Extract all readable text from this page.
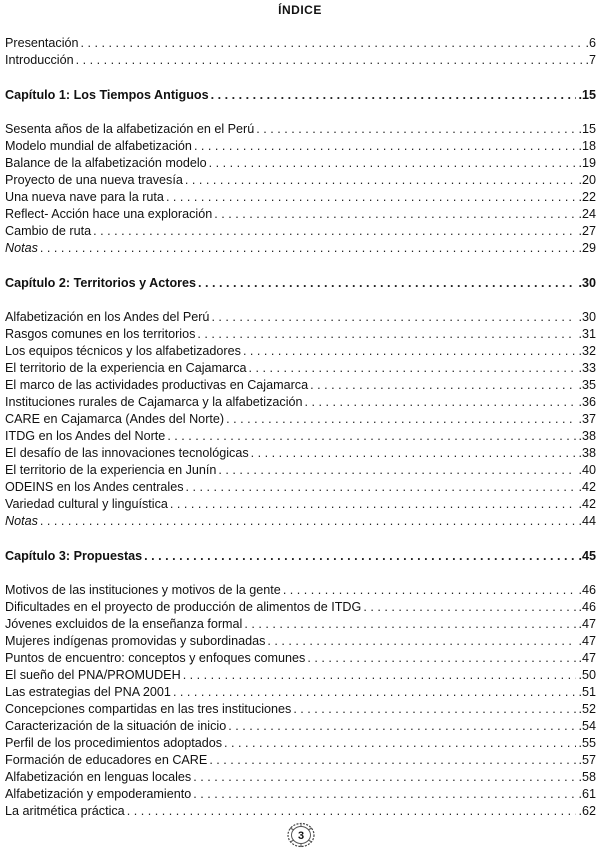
ÍNDICE
Presentación . . .	.6
Introducción . . .	.7
Capítulo 1: Los Tiempos Antiguos . . .	.15
Sesenta años de la alfabetización en el Perú . . .	.15
Modelo mundial de alfabetización . . .	.18
Balance de la alfabetización modelo . . .	.19
Proyecto de una nueva travesía . . .	.20
Una nueva nave para la ruta . . .	.22
Reflect- Acción hace una exploración . . .	.24
Cambio de ruta . . .	.27
Notas . . .	.29
Capítulo 2: Territorios y Actores . . .	.30
Alfabetización en los Andes del Perú . . .	.30
Rasgos comunes en los territorios . . .	.31
Los equipos técnicos y los alfabetizadores . . .	.32
El territorio de la experiencia en Cajamarca . . .	.33
El marco de las actividades productivas en Cajamarca . . .	.35
Instituciones rurales de Cajamarca y la alfabetización . . .	.36
CARE en Cajamarca (Andes del Norte) . . .	.37
ITDG en los Andes del Norte . . .	.38
El desafío de las innovaciones tecnológicas . . .	.38
El territorio de la experiencia en Junín . . .	.40
ODEINS en los Andes centrales . . .	.42
Variedad cultural y linguística . . .	.42
Notas . . .	.44
Capítulo 3: Propuestas . . .	.45
Motivos de las instituciones y motivos de la gente . . .	.46
Dificultades en el proyecto de producción de alimentos de ITDG . . .	.46
Jóvenes excluidos de la enseñanza formal . . .	.47
Mujeres indígenas promovidas y subordinadas . . .	.47
Puntos de encuentro: conceptos y enfoques comunes . . .	.47
El sueño del PNA/PROMUDEH . . .	.50
Las estrategias del PNA 2001 . . .	.51
Concepciones compartidas en las tres instituciones . . .	.52
Caracterización de la situación de inicio . . .	.54
Perfil de los procedimientos adoptados . . .	.55
Formación de educadores en CARE . . .	.57
Alfabetización en lenguas locales . . .	.58
Alfabetización y empoderamiento . . .	.61
La aritmética práctica . . .	.62
3
